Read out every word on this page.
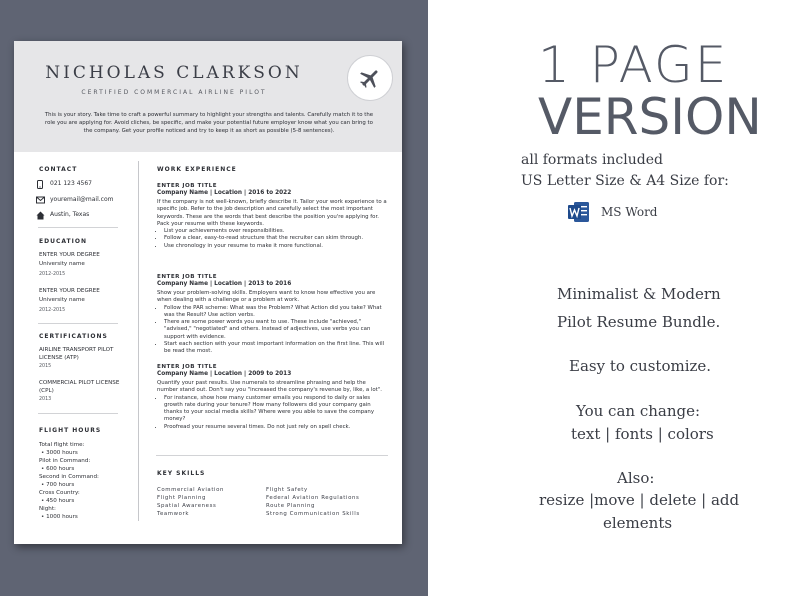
NICHOLAS CLARKSON
CERTIFIED COMMERCIAL AIRLINE PILOT
This is your story. Take time to craft a powerful summary to highlight your strengths and talents. Carefully match it to the role you are applying for. Avoid cliches, be specific, and make your potential future employer know what you can bring to the company. Get your profile noticed and try to keep it as short as possible (5-8 sentences).
CONTACT
021 123 4567
youremail@mail.com
Austin, Texas
EDUCATION
ENTER YOUR DEGREE
University name
2012-2015
ENTER YOUR DEGREE
University name
2012-2015
CERTIFICATIONS
AIRLINE TRANSPORT PILOT
LICENSE (ATP)
2015
COMMERCIAL PILOT LICENSE
(CPL)
2013
FLIGHT HOURS
Total flight time:
• 3000 hours
Pilot in Command:
• 600 hours
Second in Command:
• 700 hours
Cross Country:
• 450 hours
Night:
• 1000 hours
WORK EXPERIENCE
ENTER JOB TITLE
Company Name | Location | 2016 to 2022
If the company is not well-known, briefly describe it. Tailor your work experience to a specific job. Refer to the job description and carefully select the most important keywords. These are the words that best describe the position you're applying for. Pack your resume with these keywords.
• List your achievements over responsibilities.
• Follow a clear, easy-to-read structure that the recruiter can skim through.
• Use chronology in your resume to make it more functional.
ENTER JOB TITLE
Company Name | Location | 2013 to 2016
Show your problem-solving skills. Employers want to know how effective you are when dealing with a challenge or a problem at work.
• Follow the PAR scheme: What was the Problem? What Action did you take? What was the Result? Use action verbs.
• There are some power words you want to use. These include "achieved," "advised," "negotiated" and others. Instead of adjectives, use verbs you can support with evidence.
• Start each section with your most important information on the first line. This will be read the most.
ENTER JOB TITLE
Company Name | Location | 2009 to 2013
Quantify your past results. Use numerals to streamline phrasing and help the number stand out. Don't say you "increased the company's revenue by, like, a lot".
• For instance, show how many customer emails you respond to daily or sales growth rate during your tenure? How many followers did your company gain thanks to your social media skills? Where were you able to save the company money?
• Proofread your resume several times. Do not just rely on spell check.
KEY SKILLS
Commercial Aviation
Flight Planning
Spatial Awareness
Teamwork
Flight Safety
Federal Aviation Regulations
Route Planning
Strong Communication Skills
1 PAGE
VERSION
all formats included
US Letter Size & A4 Size for:
MS Word
Minimalist & Modern
Pilot Resume Bundle.
Easy to customize.
You can change:
text | fonts | colors
Also:
resize |move | delete | add
elements
